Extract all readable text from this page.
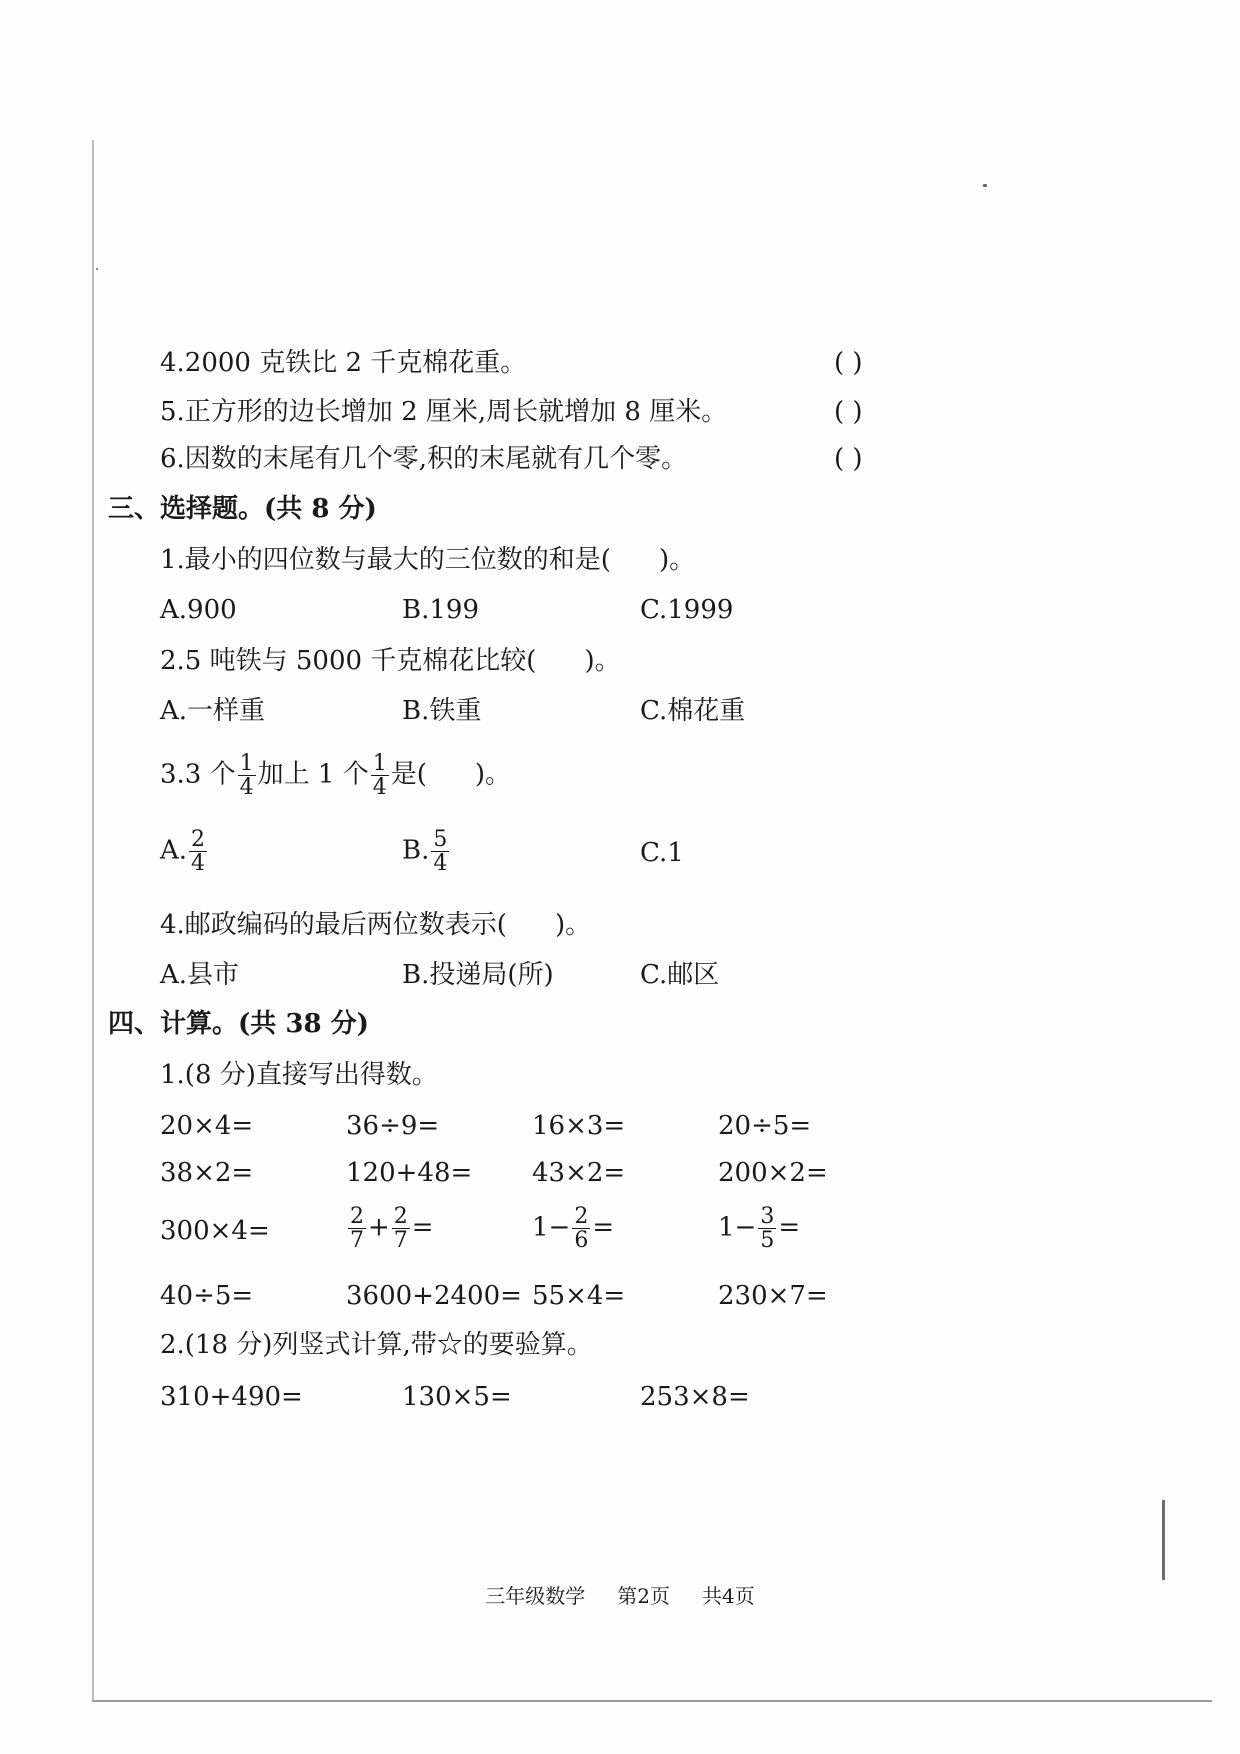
4.2000 克铁比 2 千克棉花重。	( )
5.正方形的边长增加 2 厘米,周长就增加 8 厘米。	( )
6.因数的末尾有几个零,积的末尾就有几个零。	( )
三、选择题。(共 8 分)
1.最小的四位数与最大的三位数的和是( )。
A.900	B.199	C.1999
2.5 吨铁与 5000 千克棉花比较( )。
A.一样重	B.铁重	C.棉花重
3.3 个 $\frac{1}{4}$ 加上 1 个 $\frac{1}{4}$ 是( )。
A. $\frac{2}{4}$	B. $\frac{5}{4}$	C.1
4.邮政编码的最后两位数表示( )。
A.县市	B.投递局(所)	C.邮区
四、计算。(共 38 分)
1.(8 分)直接写出得数。
20×4=	36÷9=	16×3=	20÷5=
38×2=	120+48= 43×2=	200×2=
300×4=	$\frac{2}{7} + \frac{2}{7}$ =	$1- \frac{2}{6}$ =	$1- \frac{3}{5}$ =
40÷5=	3600+2400= 55×4=	230×7=
2.(18 分)列竖式计算,带☆的要验算。
310+490=	130×5=	253×8=
三年级数学 第2页 共4页
